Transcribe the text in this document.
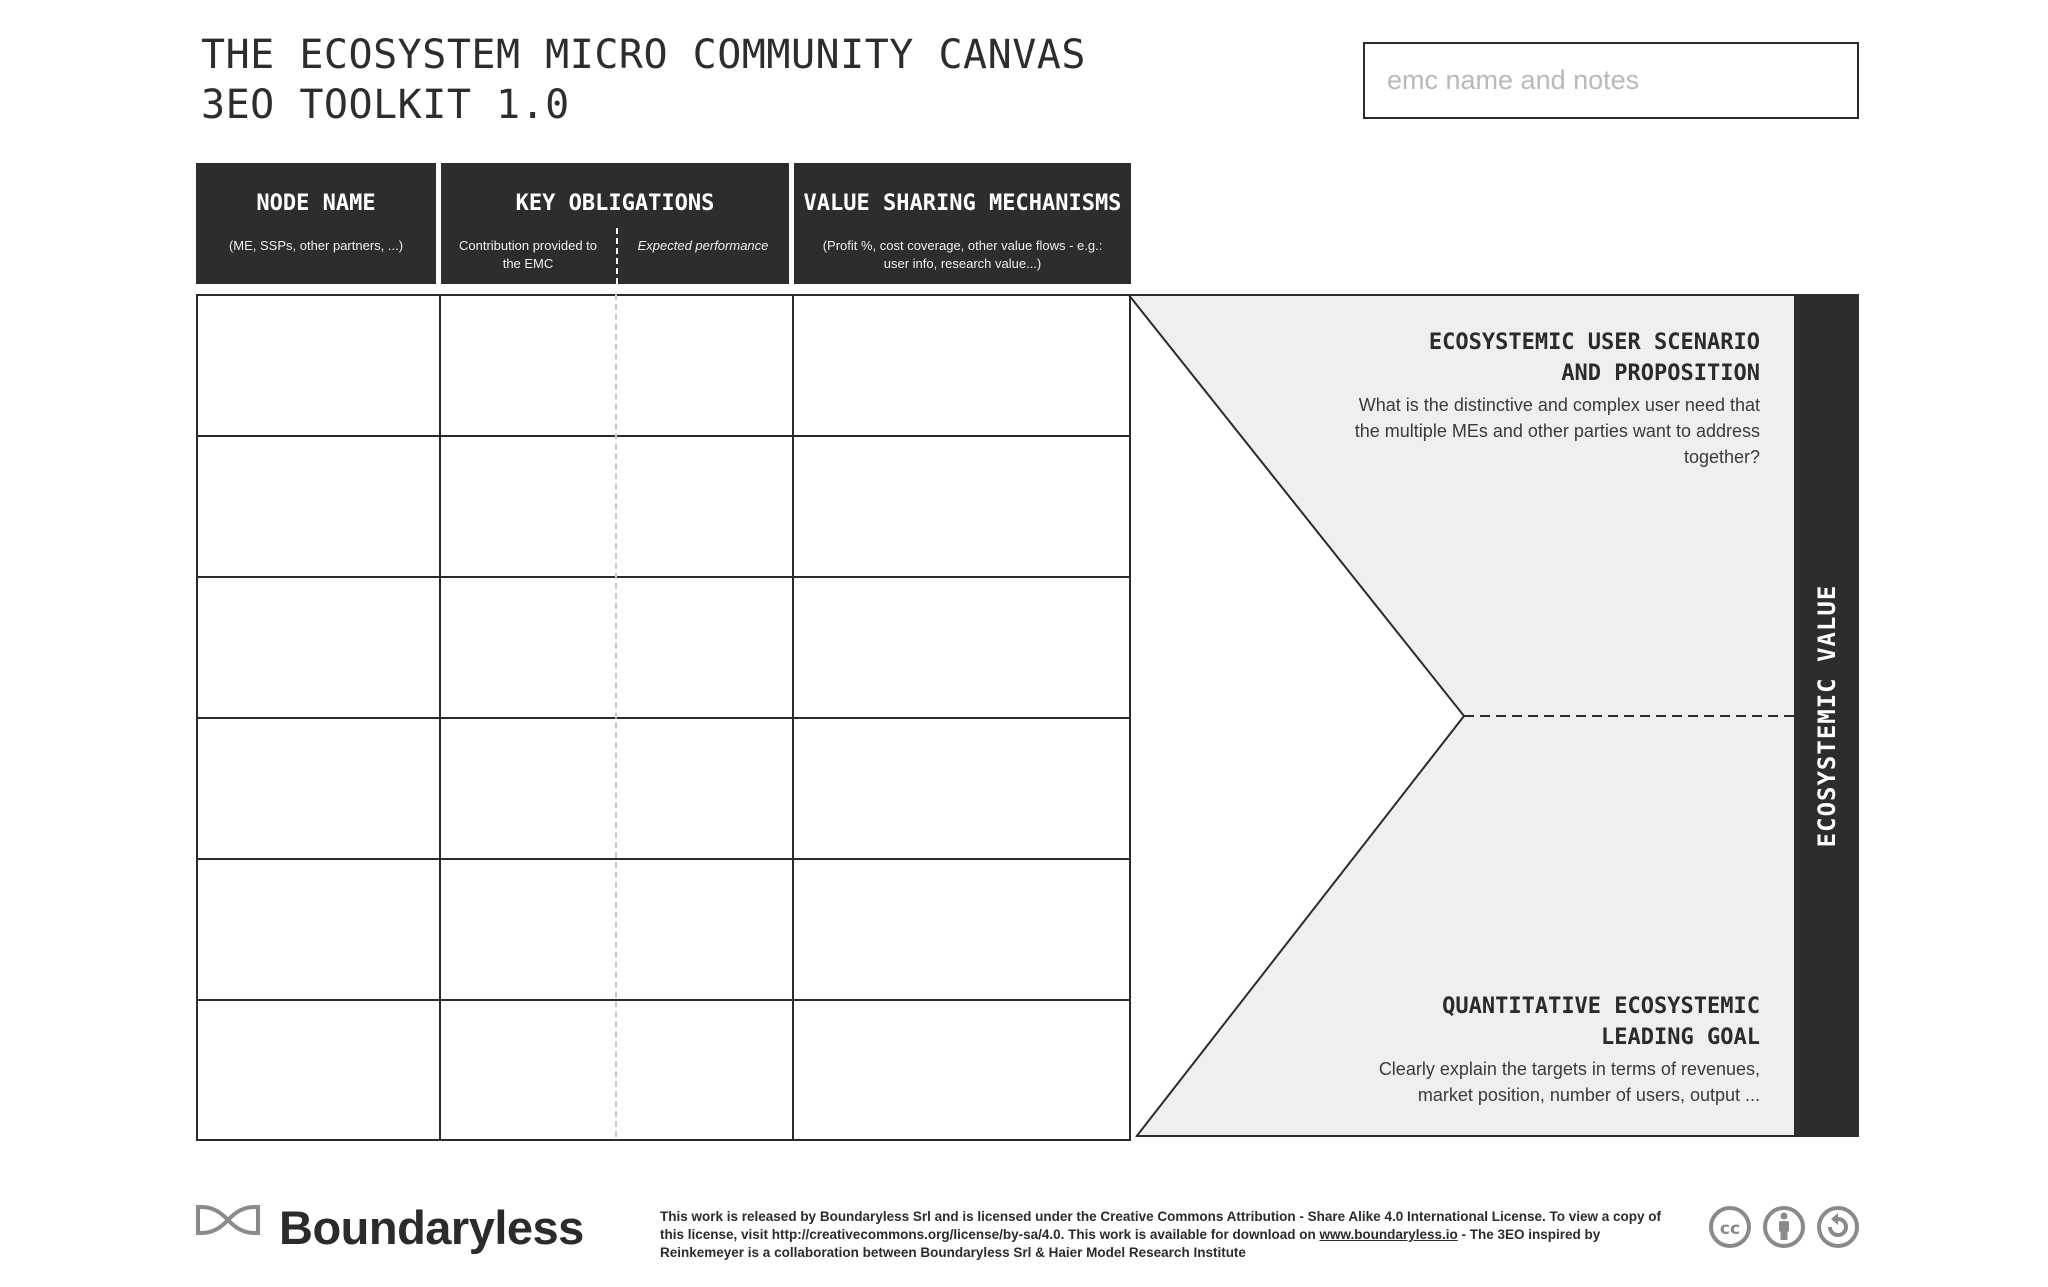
THE ECOSYSTEM MICRO COMMUNITY CANVAS
3EO TOOLKIT 1.0
emc name and notes
NODE NAME
(ME, SSPs, other partners, ...)
KEY OBLIGATIONS
Contribution provided to the EMC
Expected performance
VALUE SHARING MECHANISMS
(Profit %, cost coverage, other value flows - e.g.: user info, research value...)
ECOSYSTEMIC VALUE
ECOSYSTEMIC USER SCENARIO
AND PROPOSITION
What is the distinctive and complex user need that the multiple MEs and other parties want to address together?
QUANTITATIVE ECOSYSTEMIC
LEADING GOAL
Clearly explain the targets in terms of revenues, market position, number of users, output ...
Boundaryless	This work is released by Boundaryless Srl and is licensed under the Creative Commons Attribution - Share Alike 4.0 International License. To view a copy of this license, visit http://creativecommons.org/license/by-sa/4.0. This work is available for download on www.boundaryless.io - The 3EO inspired by Reinkemeyer is a collaboration between Boundaryless Srl & Haier Model Research Institute
cc
